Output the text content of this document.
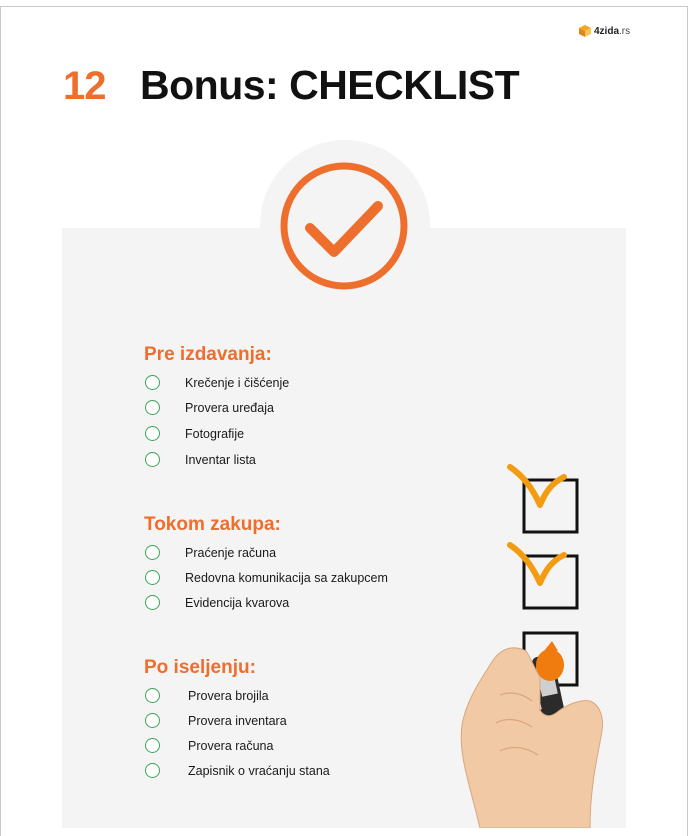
4zida .rs
12 Bonus: CHECKLIST
Pre izdavanja:
Krečenje i čišćenje
Provera uređaja
Fotografije
Inventar lista
Tokom zakupa:
Praćenje računa
Redovna komunikacija sa zakupcem
Evidencija kvarova
Po iseljenju:
Provera brojila
Provera inventara
Provera računa
Zapisnik o vraćanju stana
